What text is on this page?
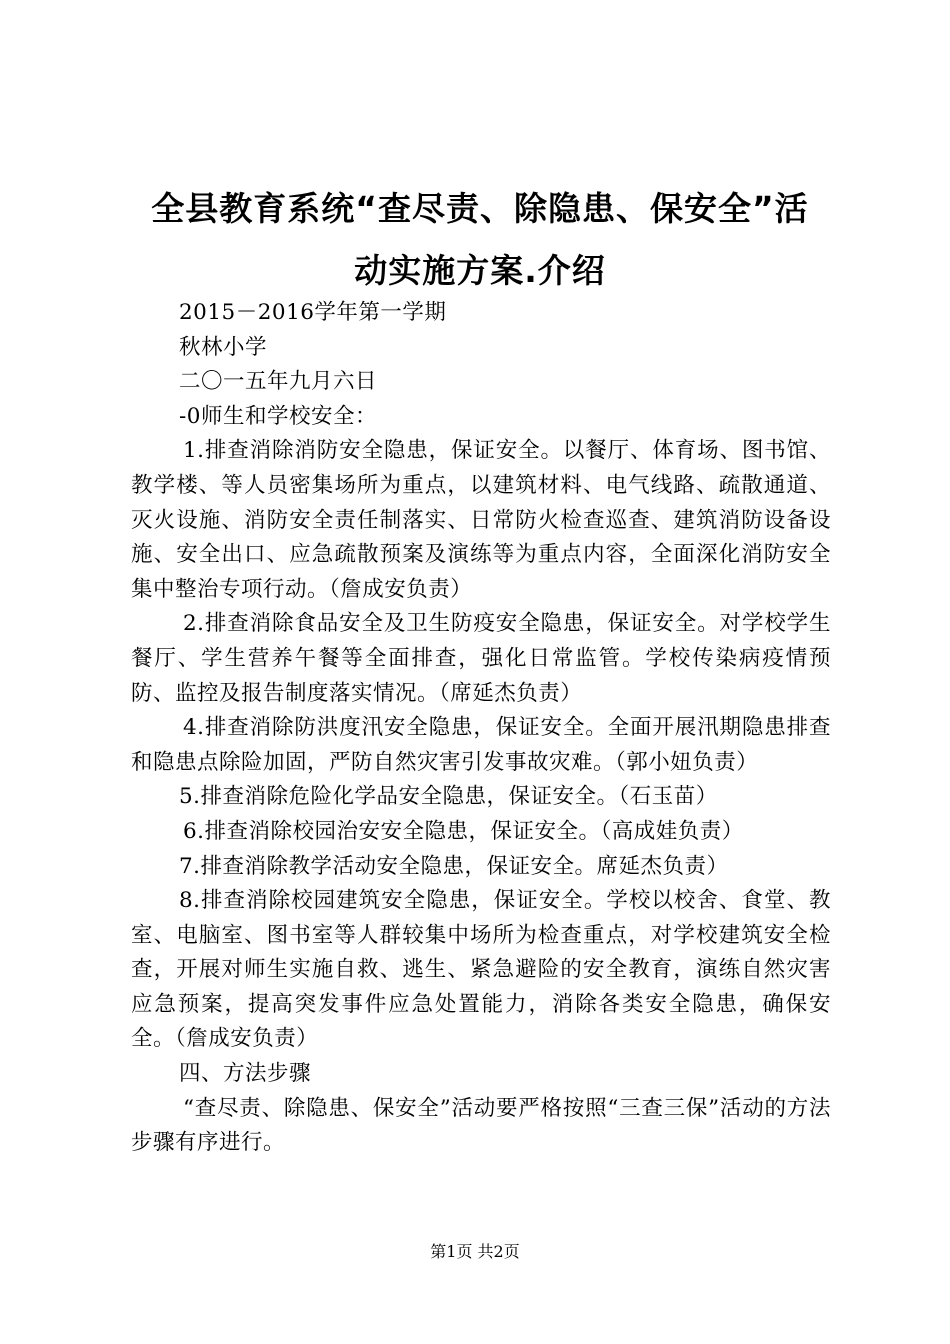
全县教育系统“查尽责、除隐患、保安全”活
动实施方案.介绍

2015－2016学年第一学期

秋林小学

二〇一五年九月六日

-0师生和学校安全：

1.排查消除消防安全隐患，保证安全。以餐厅、体育场、图书馆、教学楼、等人员密集场所为重点，以建筑材料、电气线路、疏散通道、灭火设施、消防安全责任制落实、日常防火检查巡查、建筑消防设备设施、安全出口、应急疏散预案及演练等为重点内容，全面深化消防安全集中整治专项行动。（詹成安负责）

2.排查消除食品安全及卫生防疫安全隐患，保证安全。对学校学生餐厅、学生营养午餐等全面排查，强化日常监管。学校传染病疫情预防、监控及报告制度落实情况。（席延杰负责）

4.排查消除防洪度汛安全隐患，保证安全。全面开展汛期隐患排查和隐患点除险加固，严防自然灾害引发事故灾难。（郭小妞负责）

5.排查消除危险化学品安全隐患，保证安全。（石玉苗）

6.排查消除校园治安安全隐患，保证安全。（高成娃负责）

7.排查消除教学活动安全隐患，保证安全。席延杰负责）

8.排查消除校园建筑安全隐患，保证安全。学校以校舍、食堂、教室、电脑室、图书室等人群较集中场所为检查重点，对学校建筑安全检查，开展对师生实施自救、逃生、紧急避险的安全教育，演练自然灾害应急预案，提高突发事件应急处置能力，消除各类安全隐患，确保安全。（詹成安负责）

四、方法步骤

“查尽责、除隐患、保安全”活动要严格按照“三查三保”活动的方法步骤有序进行。

第1页 共2页
